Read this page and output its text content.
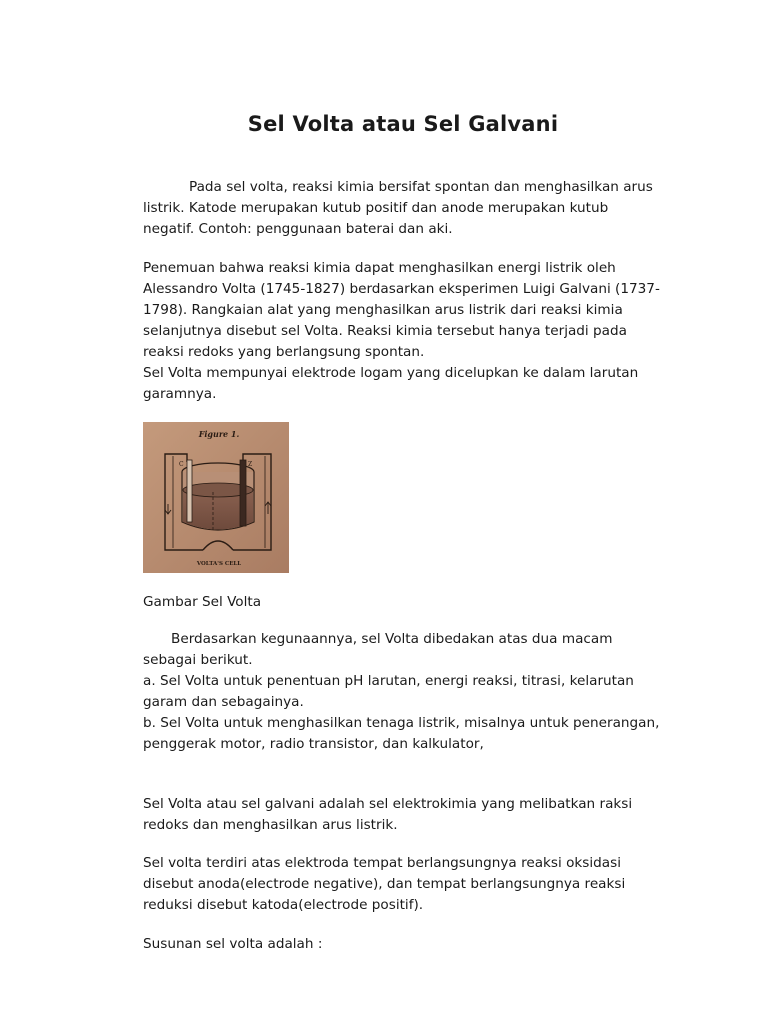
Sel Volta atau Sel Galvani

Pada sel volta, reaksi kimia bersifat spontan dan menghasilkan arus listrik. Katode merupakan kutub positif dan anode merupakan kutub negatif. Contoh: penggunaan baterai dan aki.

Penemuan bahwa reaksi kimia dapat menghasilkan energi listrik oleh Alessandro Volta (1745-1827) berdasarkan eksperimen Luigi Galvani (1737-1798). Rangkaian alat yang menghasilkan arus listrik dari reaksi kimia selanjutnya disebut sel Volta. Reaksi kimia tersebut hanya terjadi pada reaksi redoks yang berlangsung spontan.

Sel Volta mempunyai elektrode logam yang dicelupkan ke dalam larutan garamnya.

Figure 1.
C	Z
VOLTA'S CELL

Gambar Sel Volta

Berdasarkan kegunaannya, sel Volta dibedakan atas dua macam sebagai berikut.

a. Sel Volta untuk penentuan pH larutan, energi reaksi, titrasi, kelarutan garam dan sebagainya.

b. Sel Volta untuk menghasilkan tenaga listrik, misalnya untuk penerangan, penggerak motor, radio transistor, dan kalkulator,

Sel Volta atau sel galvani adalah sel elektrokimia yang melibatkan raksi redoks dan menghasilkan arus listrik.

Sel volta terdiri atas elektroda tempat berlangsungnya reaksi oksidasi disebut anoda(electrode negative), dan tempat berlangsungnya reaksi reduksi disebut katoda(electrode positif).

Susunan sel volta adalah :
